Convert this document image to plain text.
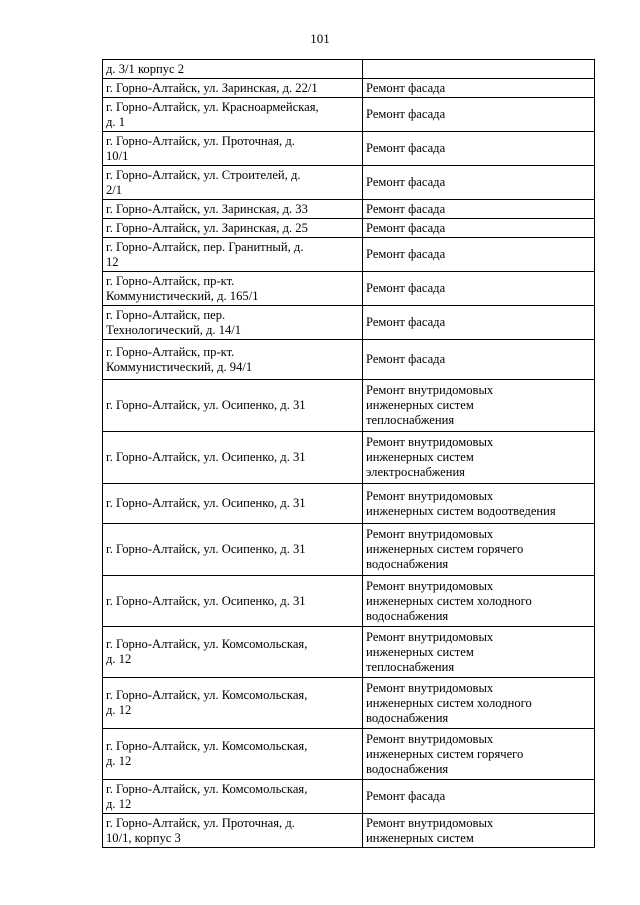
101
д. 3/1 корпус 2	
г. Горно-Алтайск, ул. Заринская, д. 22/1	Ремонт фасада
г. Горно-Алтайск, ул. Красноармейская,
д. 1	Ремонт фасада
г. Горно-Алтайск, ул. Проточная, д.
10/1	Ремонт фасада
г. Горно-Алтайск, ул. Строителей, д.
2/1	Ремонт фасада
г. Горно-Алтайск, ул. Заринская, д. 33	Ремонт фасада
г. Горно-Алтайск, ул. Заринская, д. 25	Ремонт фасада
г. Горно-Алтайск, пер. Гранитный, д.
12	Ремонт фасада
г. Горно-Алтайск, пр-кт.
Коммунистический, д. 165/1	Ремонт фасада
г. Горно-Алтайск, пер.
Технологический, д. 14/1	Ремонт фасада
г. Горно-Алтайск, пр-кт.
Коммунистический, д. 94/1	Ремонт фасада
г. Горно-Алтайск, ул. Осипенко, д. 31	Ремонт внутридомовых
инженерных систем
теплоснабжения
г. Горно-Алтайск, ул. Осипенко, д. 31	Ремонт внутридомовых
инженерных систем
электроснабжения
г. Горно-Алтайск, ул. Осипенко, д. 31	Ремонт внутридомовых
инженерных систем водоотведения
г. Горно-Алтайск, ул. Осипенко, д. 31	Ремонт внутридомовых
инженерных систем горячего
водоснабжения
г. Горно-Алтайск, ул. Осипенко, д. 31	Ремонт внутридомовых
инженерных систем холодного
водоснабжения
г. Горно-Алтайск, ул. Комсомольская,
д. 12	Ремонт внутридомовых
инженерных систем
теплоснабжения
г. Горно-Алтайск, ул. Комсомольская,
д. 12	Ремонт внутридомовых
инженерных систем холодного
водоснабжения
г. Горно-Алтайск, ул. Комсомольская,
д. 12	Ремонт внутридомовых
инженерных систем горячего
водоснабжения
г. Горно-Алтайск, ул. Комсомольская,
д. 12	Ремонт фасада
г. Горно-Алтайск, ул. Проточная, д.
10/1, корпус 3	Ремонт внутридомовых
инженерных систем
